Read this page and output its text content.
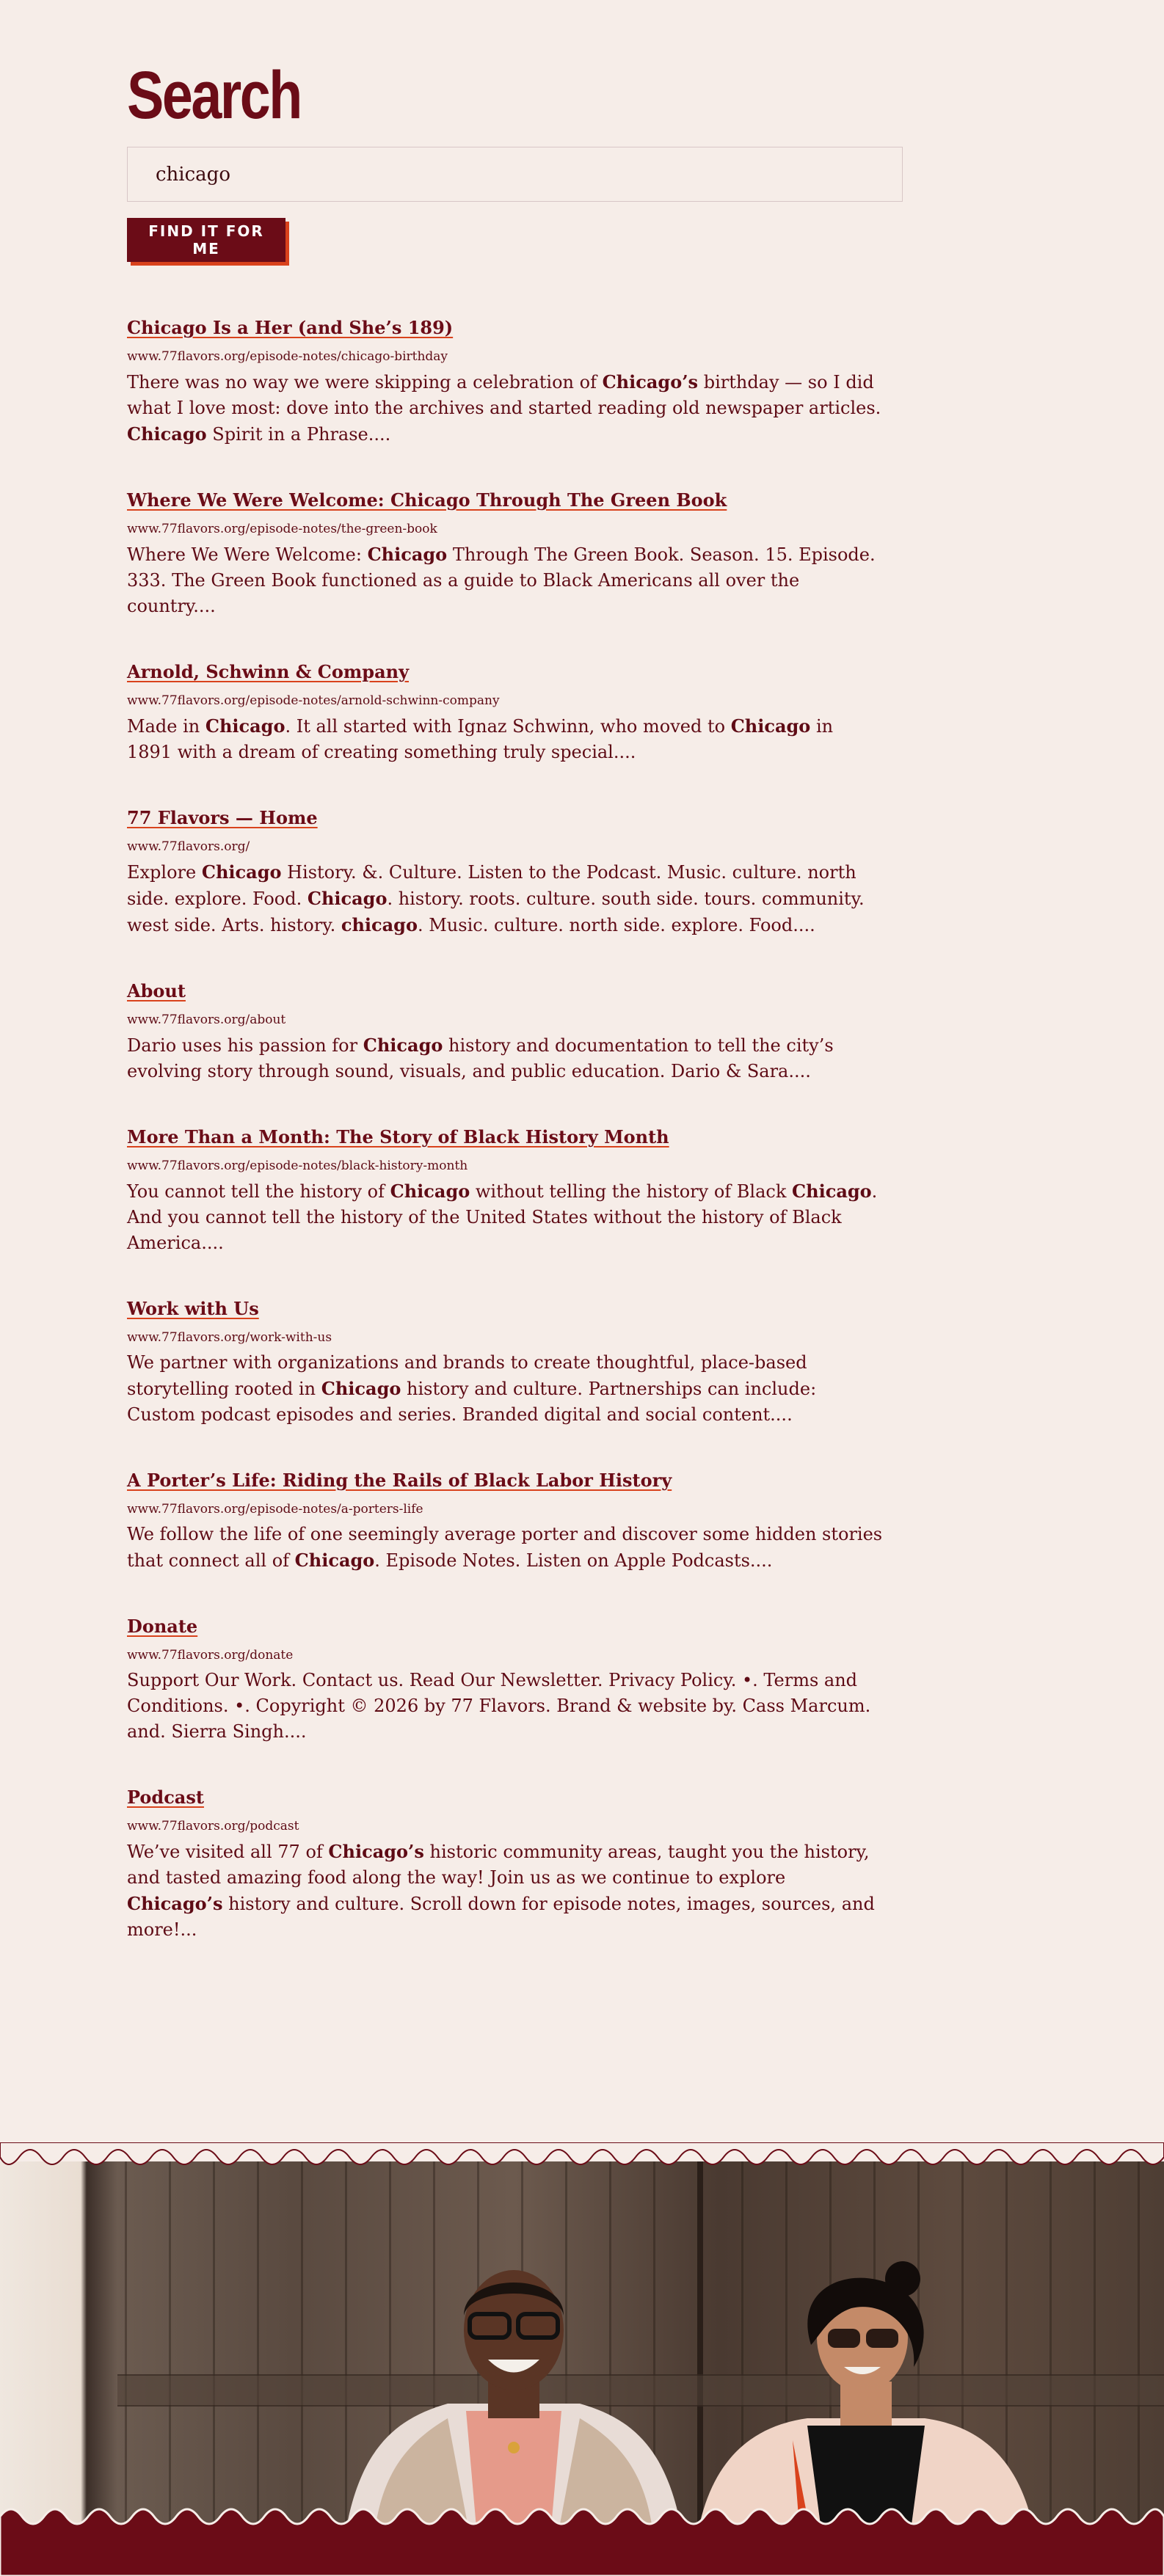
Search
chicago
FIND IT FOR ME
Chicago Is a Her (and She’s 189)
www.77flavors.org/episode-notes/chicago-birthday
There was no way we were skipping a celebration of Chicago’s birthday — so I did what I love most: dove into the archives and started reading old newspaper articles. Chicago Spirit in a Phrase....
Where We Were Welcome: Chicago Through The Green Book
www.77flavors.org/episode-notes/the-green-book
Where We Were Welcome: Chicago Through The Green Book. Season. 15. Episode. 333. The Green Book functioned as a guide to Black Americans all over the country....
Arnold, Schwinn & Company
www.77flavors.org/episode-notes/arnold-schwinn-company
Made in Chicago. It all started with Ignaz Schwinn, who moved to Chicago in 1891 with a dream of creating something truly special....
77 Flavors — Home
www.77flavors.org/
Explore Chicago History. &. Culture. Listen to the Podcast. Music. culture. north side. explore. Food. Chicago. history. roots. culture. south side. tours. community. west side. Arts. history. chicago. Music. culture. north side. explore. Food....
About
www.77flavors.org/about
Dario uses his passion for Chicago history and documentation to tell the city’s evolving story through sound, visuals, and public education. Dario & Sara....
More Than a Month: The Story of Black History Month
www.77flavors.org/episode-notes/black-history-month
You cannot tell the history of Chicago without telling the history of Black Chicago. And you cannot tell the history of the United States without the history of Black America....
Work with Us
www.77flavors.org/work-with-us
We partner with organizations and brands to create thoughtful, place-based storytelling rooted in Chicago history and culture. Partnerships can include: Custom podcast episodes and series. Branded digital and social content....
A Porter’s Life: Riding the Rails of Black Labor History
www.77flavors.org/episode-notes/a-porters-life
We follow the life of one seemingly average porter and discover some hidden stories that connect all of Chicago. Episode Notes. Listen on Apple Podcasts....
Donate
www.77flavors.org/donate
Support Our Work. Contact us. Read Our Newsletter. Privacy Policy. •. Terms and Conditions. •. Copyright © 2026 by 77 Flavors. Brand & website by. Cass Marcum. and. Sierra Singh....
Podcast
www.77flavors.org/podcast
We’ve visited all 77 of Chicago’s historic community areas, taught you the history, and tasted amazing food along the way! Join us as we continue to explore Chicago’s history and culture. Scroll down for episode notes, images, sources, and more!...
